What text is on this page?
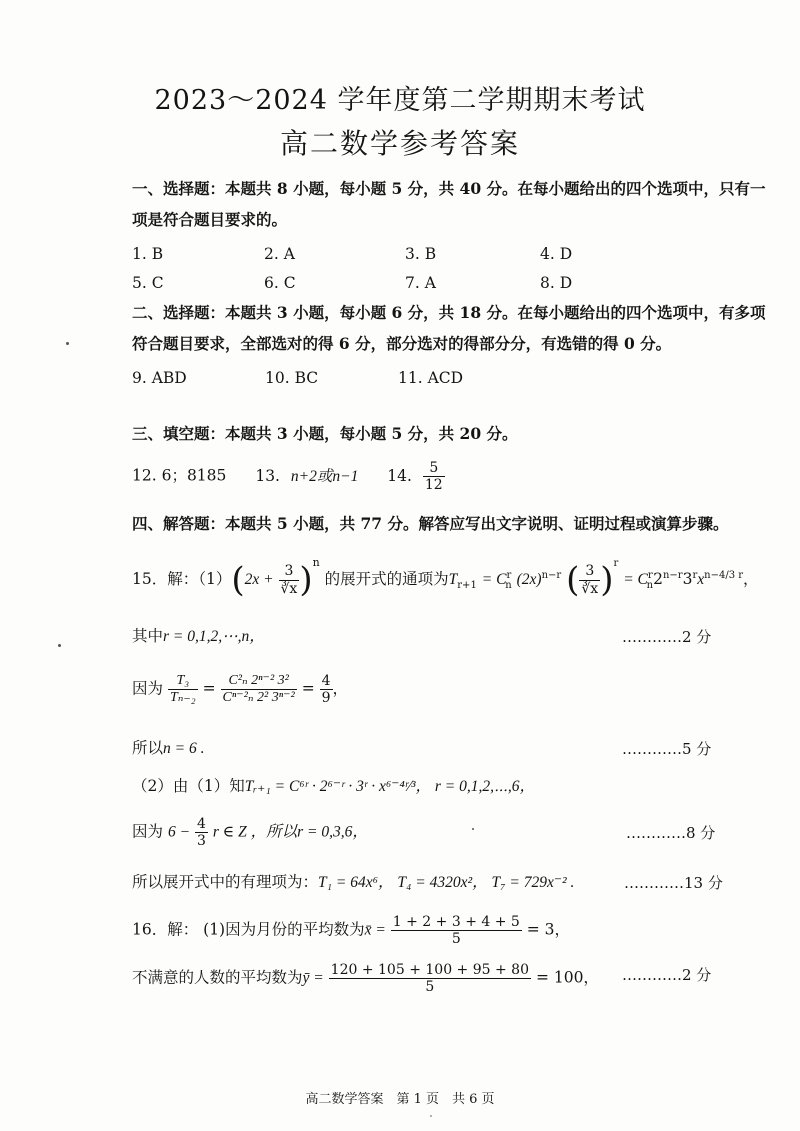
2023～2024 学年度第二学期期末考试
高二数学参考答案
一、选择题：本题共 8 小题，每小题 5 分，共 40 分。在每小题给出的四个选项中，只有一
项是符合题目要求的。
1. B	2. A	3. B	4. D
5. C	6. C	7. A	8. D
二、选择题：本题共 3 小题，每小题 6 分，共 18 分。在每小题给出的四个选项中，有多项
符合题目要求，全部选对的得 6 分，部分选对的得部分分，有选错的得 0 分。
9. ABD	10. BC	11. ACD
三、填空题：本题共 3 小题，每小题 5 分，共 20 分。
12. 6；8185 13. n+2或n−1 14. $\frac{5}{12}$
四、解答题：本题共 5 小题，共 77 分。解答应写出文字说明、证明过程或演算步骤。
15．解：$(1)(2x + \frac{3}{∛x} )^n$ 的展开式的通项为$T_{r+1} = C^r_n$ $(2x)^{n-r}$ ( $\frac{3}{∛x} )^r = C^r_n2^{n-r}3^rx^{n-4/3 r}$，
其中r = 0,1,2,⋯,n，	…………2 分
因为 $\frac{\text{T₃}}{\text{Tₙ₋₂}} = \frac{\text{C²ₙ 2ⁿ⁻² 3²}}{\text{Cⁿ⁻²ₙ 2² 3ⁿ⁻²}} = \frac{4}{9}$ ，
所以n = 6 .	…………5 分
（2）由（1）知Tᵣ₊₁ = C⁶ʳ · 2⁶⁻ʳ · 3ʳ · x⁶⁻⁴ʳ⁄³， r = 0,1,2,⋯,6，
因为 $6 - \frac{4}{3}$ r ∈ Z ，所以r = 0,3,6，	…………8 分
所以展开式中的有理项为：T₁ = 64x⁶， T₄ = 4320x²， T₇ = 729x⁻² .	…………13 分
16．解： (1)因为月份的平均数为x̄ = $\frac{1 + 2 + 3 + 4 + 5}{5} = 3$，
不满意的人数的平均数为ȳ = $\frac{120 + 105 + 100 + 95 + 80}{5} = 100$， …………2 分
高二数学答案　第 1 页　共 6 页
